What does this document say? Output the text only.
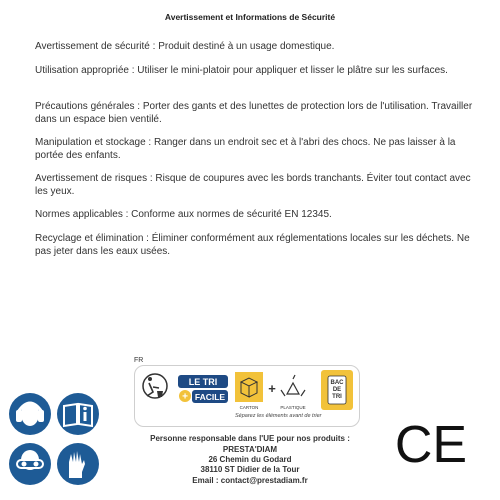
Avertissement et Informations de Sécurité
Avertissement de sécurité : Produit destiné à un usage domestique.
Utilisation appropriée : Utiliser le mini-platoir pour appliquer et lisser le plâtre sur les surfaces.
Précautions générales : Porter des gants et des lunettes de protection lors de l'utilisation. Travailler dans un espace bien ventilé.
Manipulation et stockage : Ranger dans un endroit sec et à l'abri des chocs. Ne pas laisser à la portée des enfants.
Avertissement de risques : Risque de coupures avec les bords tranchants. Éviter tout contact avec les yeux.
Normes applicables : Conforme aux normes de sécurité EN 12345.
Recyclage et élimination : Éliminer conformément aux réglementations locales sur les déchets. Ne pas jeter dans les eaux usées.
FR
LE TRI
+ FACILE
CARTON
+
PLASTIQUE
BAC
DE
TRI
Séparez les éléments avant de trier
Personne responsable dans l'UE pour nos produits :
PRESTA'DIAM
26 Chemin du Godard
38110 ST Didier de la Tour
Email : contact@prestadiam.fr
CE
